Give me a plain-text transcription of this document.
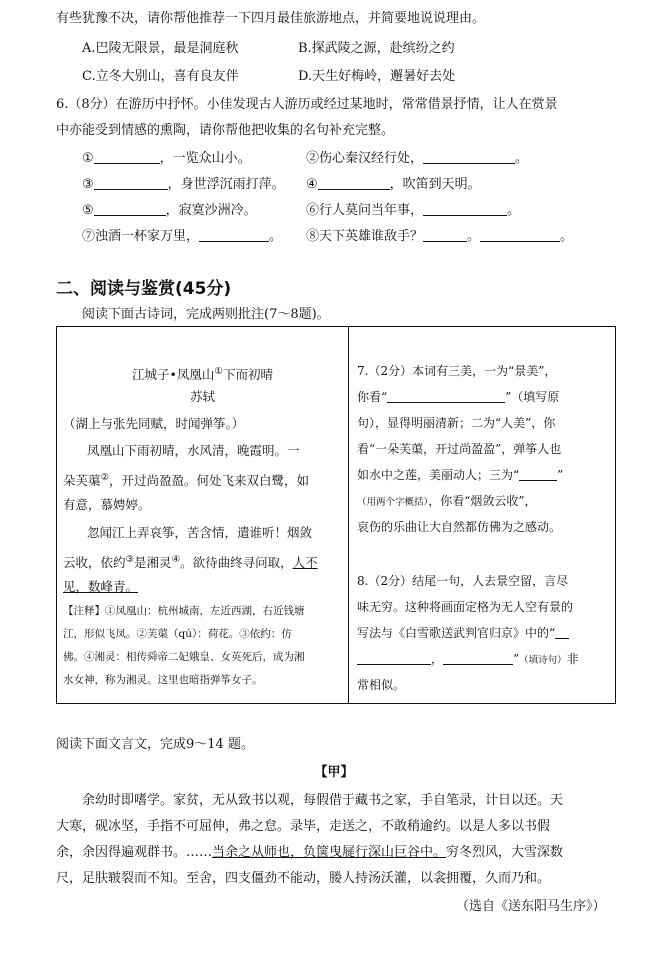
有些犹豫不决，请你帮他推荐一下四月最佳旅游地点，并简要地说说理由。
A.巴陵无限景，最是洞庭秋	B.探武陵之源，赴缤纷之约
C.立冬大别山，喜有良友伴	D.天生好梅岭，邂暑好去处
6.（8分）在游历中抒怀。小佳发现古人游历或经过某地时，常常借景抒情，让人在赏景
中亦能受到情感的熏陶，请你帮他把收集的名句补充完整。
①	，一览众山小。	②伤心秦汉经行处，	。
③	，身世浮沉雨打萍。 ④	，吹笛到天明。
⑤	，寂寞沙洲冷。	⑥行人莫问当年事，	。
⑦浊酒一杯家万里，	。 ⑧天下英雄谁敌手？	。	。
二、阅读与鉴赏(45分)
阅读下面古诗词，完成两则批注(7～8题)。
江城子•凤凰山①下而初晴
苏轼
（湖上与张先同赋，时闻弹筝。）
凤凰山下雨初晴，水风清，晚霞明。一
朵芙蕖②，开过尚盈盈。何处飞来双白鹭，如
有意，慕娉婷。
忽闻江上弄哀筝，苦含情，遣谁听！烟敛
云收，依约③是湘灵④。欲待曲终寻问取，人不
见，数峰青。
【注释】①凤凰山：杭州城南，左近西湖，右近钱塘
江，形似飞凤。②芙蕖（qú）：荷花。③依约：仿
佛。④湘灵：相传舜帝二妃娥皇、女英死后，成为湘
水女神，称为湘灵。这里也暗指弹筝女子。
7.（2分）本词有三美，一为“景美”，
你看“	”（填写原
句），显得明丽清新；二为“人美”，你
看“一朵芙蕖，开过尚盈盈”，弹筝人也
如水中之莲，美丽动人；三为“	”
（用两个字概括），你看“烟敛云收”，
哀伤的乐曲让大自然都仿佛为之感动。
8.（2分）结尾一句，人去景空留，言尽
味无穷。这种将画面定格为无人空有景的
写法与《白雪歌送武判官归京》中的“
，	”（填诗句）非
常相似。
阅读下面文言文，完成9～14 题。
【甲】
余幼时即嗜学。家贫，无从致书以观，每假借于藏书之家，手自笔录，计日以还。天
大寒，砚冰坚，手指不可屈伸，弗之怠。录毕，走送之，不敢稍逾约。以是人多以书假
余，余因得遍观群书。……当余之从师也，负箧曳屣行深山巨谷中。穷冬烈风，大雪深数
尺，足肤皲裂而不知。至舍，四支僵劲不能动，媵人持汤沃灌，以衾拥覆，久而乃和。
（选自《送东阳马生序》）
